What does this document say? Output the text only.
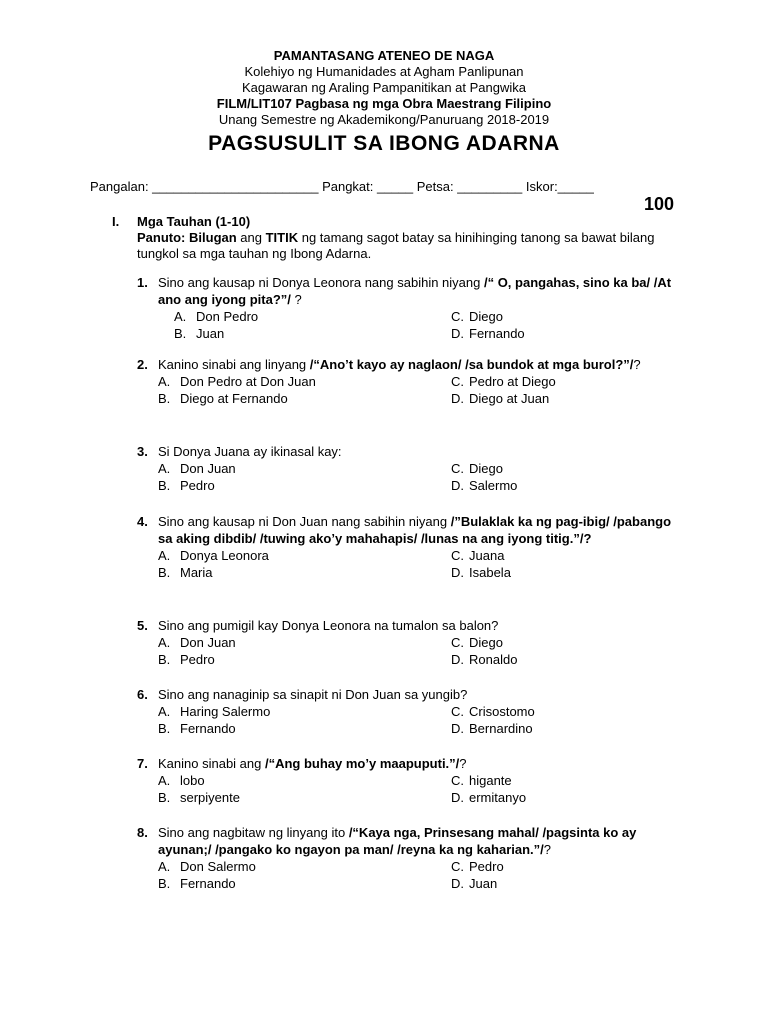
PAMANTASANG ATENEO DE NAGA
Kolehiyo ng Humanidades at Agham Panlipunan
Kagawaran ng Araling Pampanitikan at Pangwika
FILM/LIT107 Pagbasa ng mga Obra Maestrang Filipino
Unang Semestre ng Akademikong/Panuruang 2018-2019
PAGSUSULIT SA IBONG ADARNA
Pangalan: _______________________ Pangkat: _____ Petsa: _________ Iskor:_____
100
I. Mga Tauhan (1-10)
Panuto: Bilugan ang TITIK ng tamang sagot batay sa hinihinging tanong sa bawat bilang tungkol sa mga tauhan ng Ibong Adarna.
1. Sino ang kausap ni Donya Leonora nang sabihin niyang /“ O, pangahas, sino ka ba/ /At ano ang iyong pita?”/ ?
A. Don Pedro	C. Diego
B. Juan	D. Fernando
2. Kanino sinabi ang linyang /“Ano’t kayo ay naglaon/ /sa bundok at mga burol?”/?
A. Don Pedro at Don Juan	C. Pedro at Diego
B. Diego at Fernando	D. Diego at Juan
3. Si Donya Juana ay ikinasal kay:
A. Don Juan	C. Diego
B. Pedro	D. Salermo
4. Sino ang kausap ni Don Juan nang sabihin niyang /”Bulaklak ka ng pag-ibig/ /pabango sa aking dibdib/ /tuwing ako’y mahahapis/ /lunas na ang iyong titig.”/?
A. Donya Leonora	C. Juana
B. Maria	D. Isabela
5. Sino ang pumigil kay Donya Leonora na tumalon sa balon?
A. Don Juan	C. Diego
B. Pedro	D. Ronaldo
6. Sino ang nanaginip sa sinapit ni Don Juan sa yungib?
A. Haring Salermo	C. Crisostomo
B. Fernando	D. Bernardino
7. Kanino sinabi ang /“Ang buhay mo’y maapuputi.”/?
A. lobo	C. higante
B. serpiyente	D. ermitanyo
8. Sino ang nagbitaw ng linyang ito /“Kaya nga, Prinsesang mahal/ /pagsinta ko ay ayunan;/ /pangako ko ngayon pa man/ /reyna ka ng kaharian.”/?
A. Don Salermo	C. Pedro
B. Fernando	D. Juan
